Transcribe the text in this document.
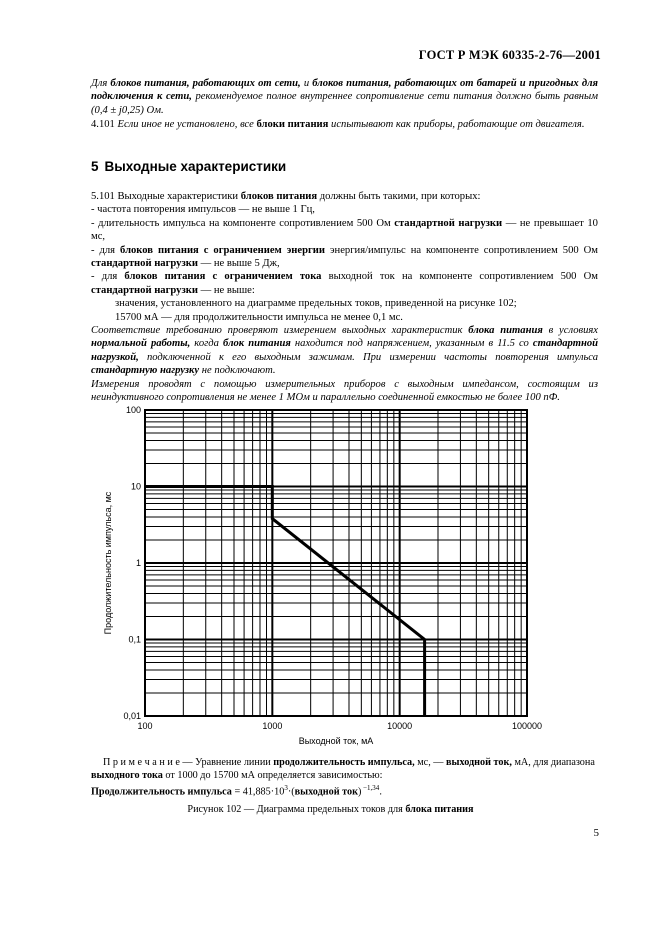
ГОСТ Р МЭК 60335-2-76—2001
Для блоков питания, работающих от сети, и блоков питания, работающих от батарей и пригодных для подключения к сети, рекомендуемое полное внутреннее сопротивление сети питания должно быть равным (0,4 ± j0,25) Ом.
4.101 Если иное не установлено, все блоки питания испытывают как приборы, работающие от двигателя.
5 Выходные характеристики
5.101 Выходные характеристики блоков питания должны быть такими, при которых:
- частота повторения импульсов — не выше 1 Гц,
- длительность импульса на компоненте сопротивлением 500 Ом стандартной нагрузки — не превышает 10 мс,
- для блоков питания с ограничением энергии энергия/импульс на компоненте сопротивлением 500 Ом стандартной нагрузки — не выше 5 Дж,
- для блоков питания с ограничением тока выходной ток на компоненте сопротивлением 500 Ом стандартной нагрузки — не выше:
значения, установленного на диаграмме предельных токов, приведенной на рисунке 102;
15700 мА — для продолжительности импульса не менее 0,1 мс.
Соответствие требованию проверяют измерением выходных характеристик блока питания в условиях нормальной работы, когда блок питания находится под напряжением, указанным в 11.5 со стандартной нагрузкой, подключенной к его выходным зажимам. При измерении частоты повторения импульса стандартную нагрузку не подключают.
Измерения проводят с помощью измерительных приборов с выходным импедансом, состоящим из неиндуктивного сопротивления не менее 1 МОм и параллельно соединенной емкостью не более 100 пФ.
100	1000	10000	100000
100
10
1
0,1
0,01
Выходной ток, мА
Продолжительность импульса, мс
П р и м е ч а н и е — Уравнение линии продолжительность импульса, мс, — выходной ток, мА, для диапазона выходного тока от 1000 до 15700 мА определяется зависимостью:
Продолжительность импульса = $41,885\cdot 10^3\cdot(выходной$ ток) $^{-1,34}$.
Рисунок 102 — Диаграмма предельных токов для блока питания
5
